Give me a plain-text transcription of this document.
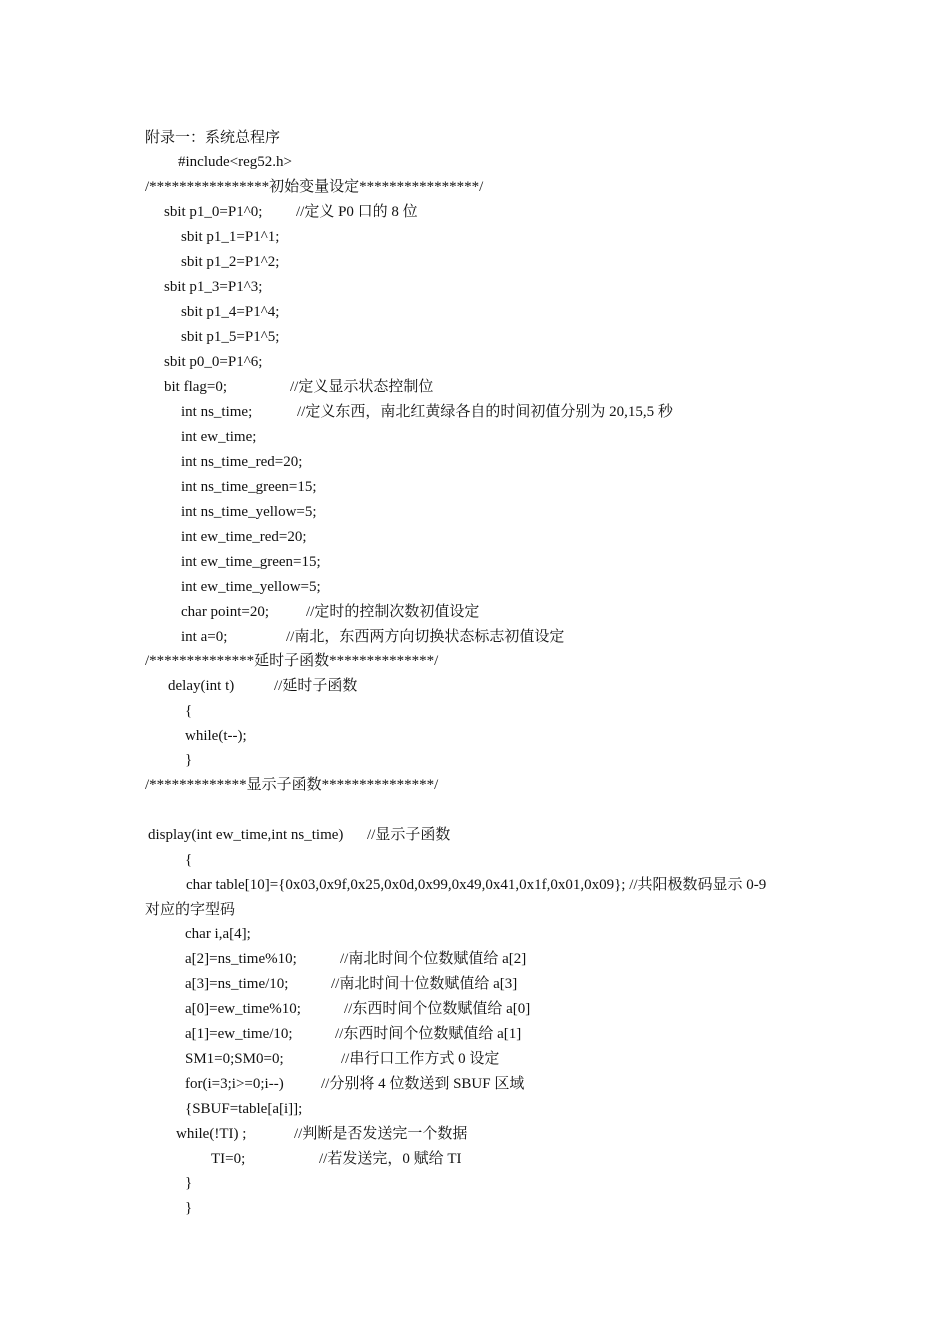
附录一：系统总程序
#include<reg52.h>
/****************初始变量设定****************/
sbit p1_0=P1^0; //定义 P0 口的 8 位
sbit p1_1=P1^1;
sbit p1_2=P1^2;
sbit p1_3=P1^3;
sbit p1_4=P1^4;
sbit p1_5=P1^5;
sbit p0_0=P1^6;
bit flag=0;	//定义显示状态控制位
int ns_time;	//定义东西，南北红黄绿各自的时间初值分别为 20,15,5 秒
int ew_time;
int ns_time_red=20;
int ns_time_green=15;
int ns_time_yellow=5;
int ew_time_red=20;
int ew_time_green=15;
int ew_time_yellow=5;
char point=20; //定时的控制次数初值设定
int a=0;	//南北，东西两方向切换状态标志初值设定
/**************延时子函数**************/
delay(int t)	//延时子函数
{
while(t--);
}
/*************显示子函数***************/
display(int ew_time,int ns_time) //显示子函数
{
char table[10]={0x03,0x9f,0x25,0x0d,0x99,0x49,0x41,0x1f,0x01,0x09}; //共阳极数码显示 0-9
对应的字型码
char i,a[4];
a[2]=ns_time%10;	//南北时间个位数赋值给 a[2]
a[3]=ns_time/10;	//南北时间十位数赋值给 a[3]
a[0]=ew_time%10;	//东西时间个位数赋值给 a[0]
a[1]=ew_time/10;	//东西时间个位数赋值给 a[1]
SM1=0;SM0=0;	//串行口工作方式 0 设定
for(i=3;i>=0;i--) //分别将 4 位数送到 SBUF 区域
{SBUF=table[a[i]];
while(!TI) ;	//判断是否发送完一个数据
TI=0;	//若发送完，0 赋给 TI
}
}
